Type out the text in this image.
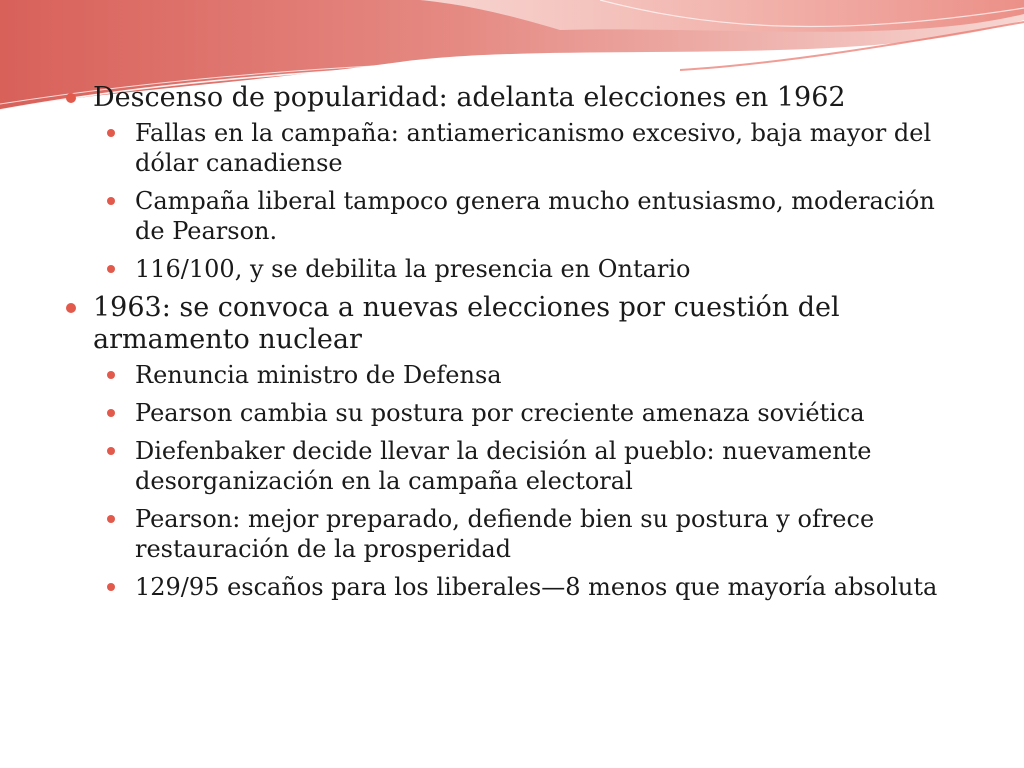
Descenso de popularidad: adelanta elecciones en 1962
Fallas en la campaña: antiamericanismo excesivo, baja mayor del dólar canadiense
Campaña liberal tampoco genera mucho entusiasmo, moderación de Pearson.
116/100, y se debilita la presencia en Ontario
1963: se convoca a nuevas elecciones por cuestión del armamento nuclear
Renuncia ministro de Defensa
Pearson cambia su postura por creciente amenaza soviética
Diefenbaker decide llevar la decisión al pueblo: nuevamente desorganización en la campaña electoral
Pearson: mejor preparado, defiende bien su postura y ofrece restauración de la prosperidad
129/95 escaños para los liberales—8 menos que mayoría absoluta
